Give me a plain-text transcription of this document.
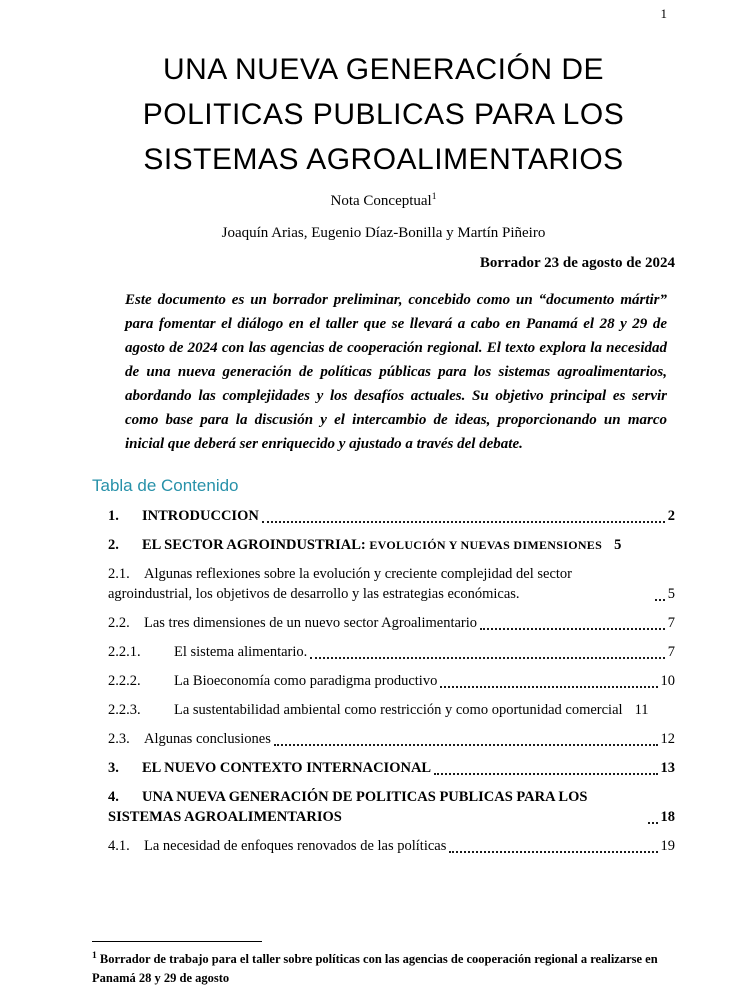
1
UNA NUEVA GENERACIÓN DE
POLITICAS PUBLICAS PARA LOS
SISTEMAS AGROALIMENTARIOS
Nota Conceptual$^1$
Joaquín Arias, Eugenio Díaz-Bonilla y Martín Piñeiro
Borrador 23 de agosto de 2024

Este documento es un borrador preliminar, concebido como un “documento mártir” para fomentar el diálogo en el taller que se llevará a cabo en Panamá el 28 y 29 de agosto de 2024 con las agencias de cooperación regional. El texto explora la necesidad de una nueva generación de políticas públicas para los sistemas agroalimentarios, abordando las complejidades y los desafíos actuales. Su objetivo principal es servir como base para la discusión y el intercambio de ideas, proporcionando un marco inicial que deberá ser enriquecido y ajustado a través del debate.

Tabla de Contenido
1. INTRODUCCION	2
2. EL SECTOR AGROINDUSTRIAL: EVOLUCIÓN Y NUEVAS DIMENSIONES 5
2.1. Algunas reflexiones sobre la evolución y creciente complejidad del sector agroindustrial, los objetivos de desarrollo y las estrategias económicas.	5
2.2. Las tres dimensiones de un nuevo sector Agroalimentario	7
2.2.1. El sistema alimentario.	7
2.2.2. La Bioeconomía como paradigma productivo	10
2.2.3. La sustentabilidad ambiental como restricción y como oportunidad comercial 11
2.3. Algunas conclusiones	12
3. EL NUEVO CONTEXTO INTERNACIONAL	13
4. UNA NUEVA GENERACIÓN DE POLITICAS PUBLICAS PARA LOS SISTEMAS AGROALIMENTARIOS	18
4.1. La necesidad de enfoques renovados de las políticas	19

$^1$ Borrador de trabajo para el taller sobre políticas con las agencias de cooperación regional a realizarse en Panamá 28 y 29 de agosto
